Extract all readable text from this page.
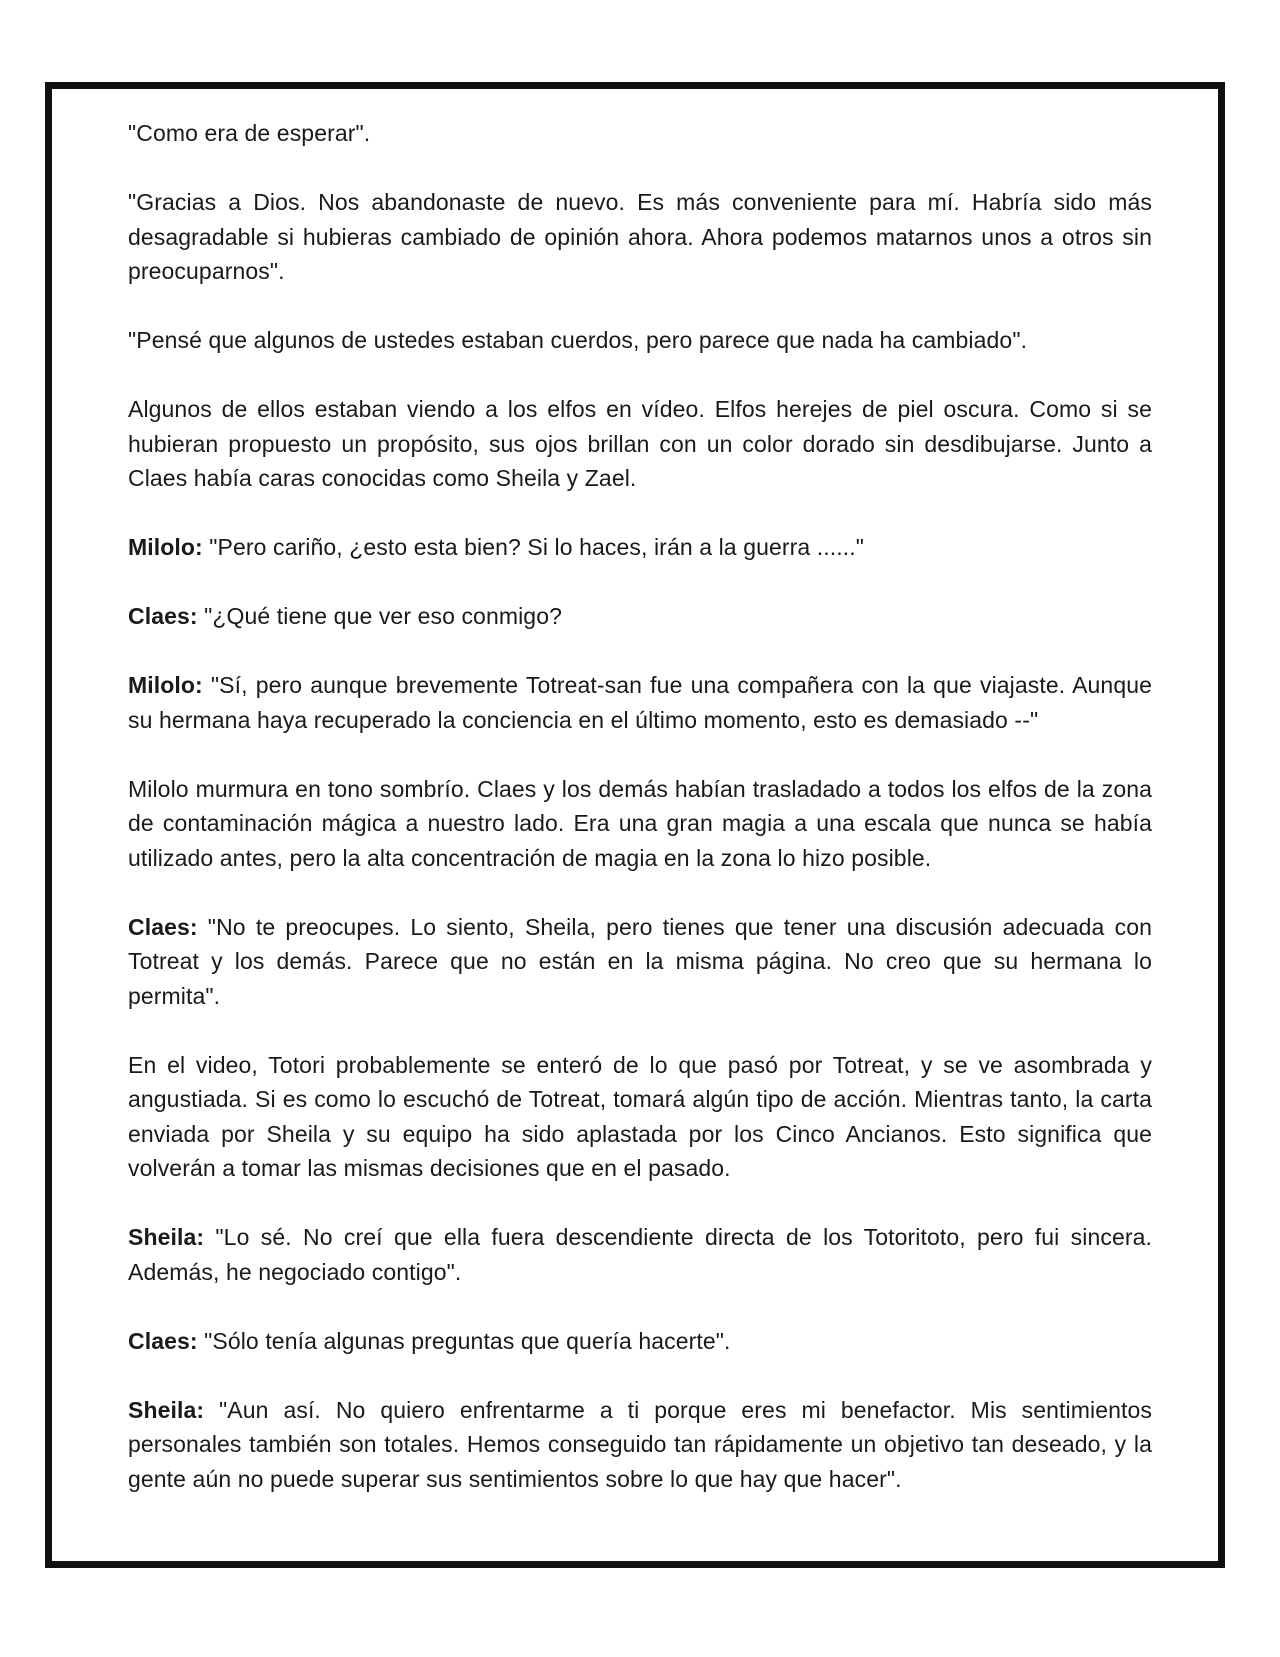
"Como era de esperar".

"Gracias a Dios. Nos abandonaste de nuevo. Es más conveniente para mí. Habría sido más desagradable si hubieras cambiado de opinión ahora. Ahora podemos matarnos unos a otros sin preocuparnos".

"Pensé que algunos de ustedes estaban cuerdos, pero parece que nada ha cambiado".

Algunos de ellos estaban viendo a los elfos en vídeo. Elfos herejes de piel oscura. Como si se hubieran propuesto un propósito, sus ojos brillan con un color dorado sin desdibujarse. Junto a Claes había caras conocidas como Sheila y Zael.

Milolo: "Pero cariño, ¿esto esta bien? Si lo haces, irán a la guerra ......"

Claes: "¿Qué tiene que ver eso conmigo?

Milolo: "Sí, pero aunque brevemente Totreat-san fue una compañera con la que viajaste. Aunque su hermana haya recuperado la conciencia en el último momento, esto es demasiado --"

Milolo murmura en tono sombrío. Claes y los demás habían trasladado a todos los elfos de la zona de contaminación mágica a nuestro lado. Era una gran magia a una escala que nunca se había utilizado antes, pero la alta concentración de magia en la zona lo hizo posible.

Claes: "No te preocupes. Lo siento, Sheila, pero tienes que tener una discusión adecuada con Totreat y los demás. Parece que no están en la misma página. No creo que su hermana lo permita".

En el video, Totori probablemente se enteró de lo que pasó por Totreat, y se ve asombrada y angustiada. Si es como lo escuchó de Totreat, tomará algún tipo de acción. Mientras tanto, la carta enviada por Sheila y su equipo ha sido aplastada por los Cinco Ancianos. Esto significa que volverán a tomar las mismas decisiones que en el pasado.

Sheila: "Lo sé. No creí que ella fuera descendiente directa de los Totoritoto, pero fui sincera. Además, he negociado contigo".

Claes: "Sólo tenía algunas preguntas que quería hacerte".

Sheila: "Aun así. No quiero enfrentarme a ti porque eres mi benefactor. Mis sentimientos personales también son totales. Hemos conseguido tan rápidamente un objetivo tan deseado, y la gente aún no puede superar sus sentimientos sobre lo que hay que hacer".
